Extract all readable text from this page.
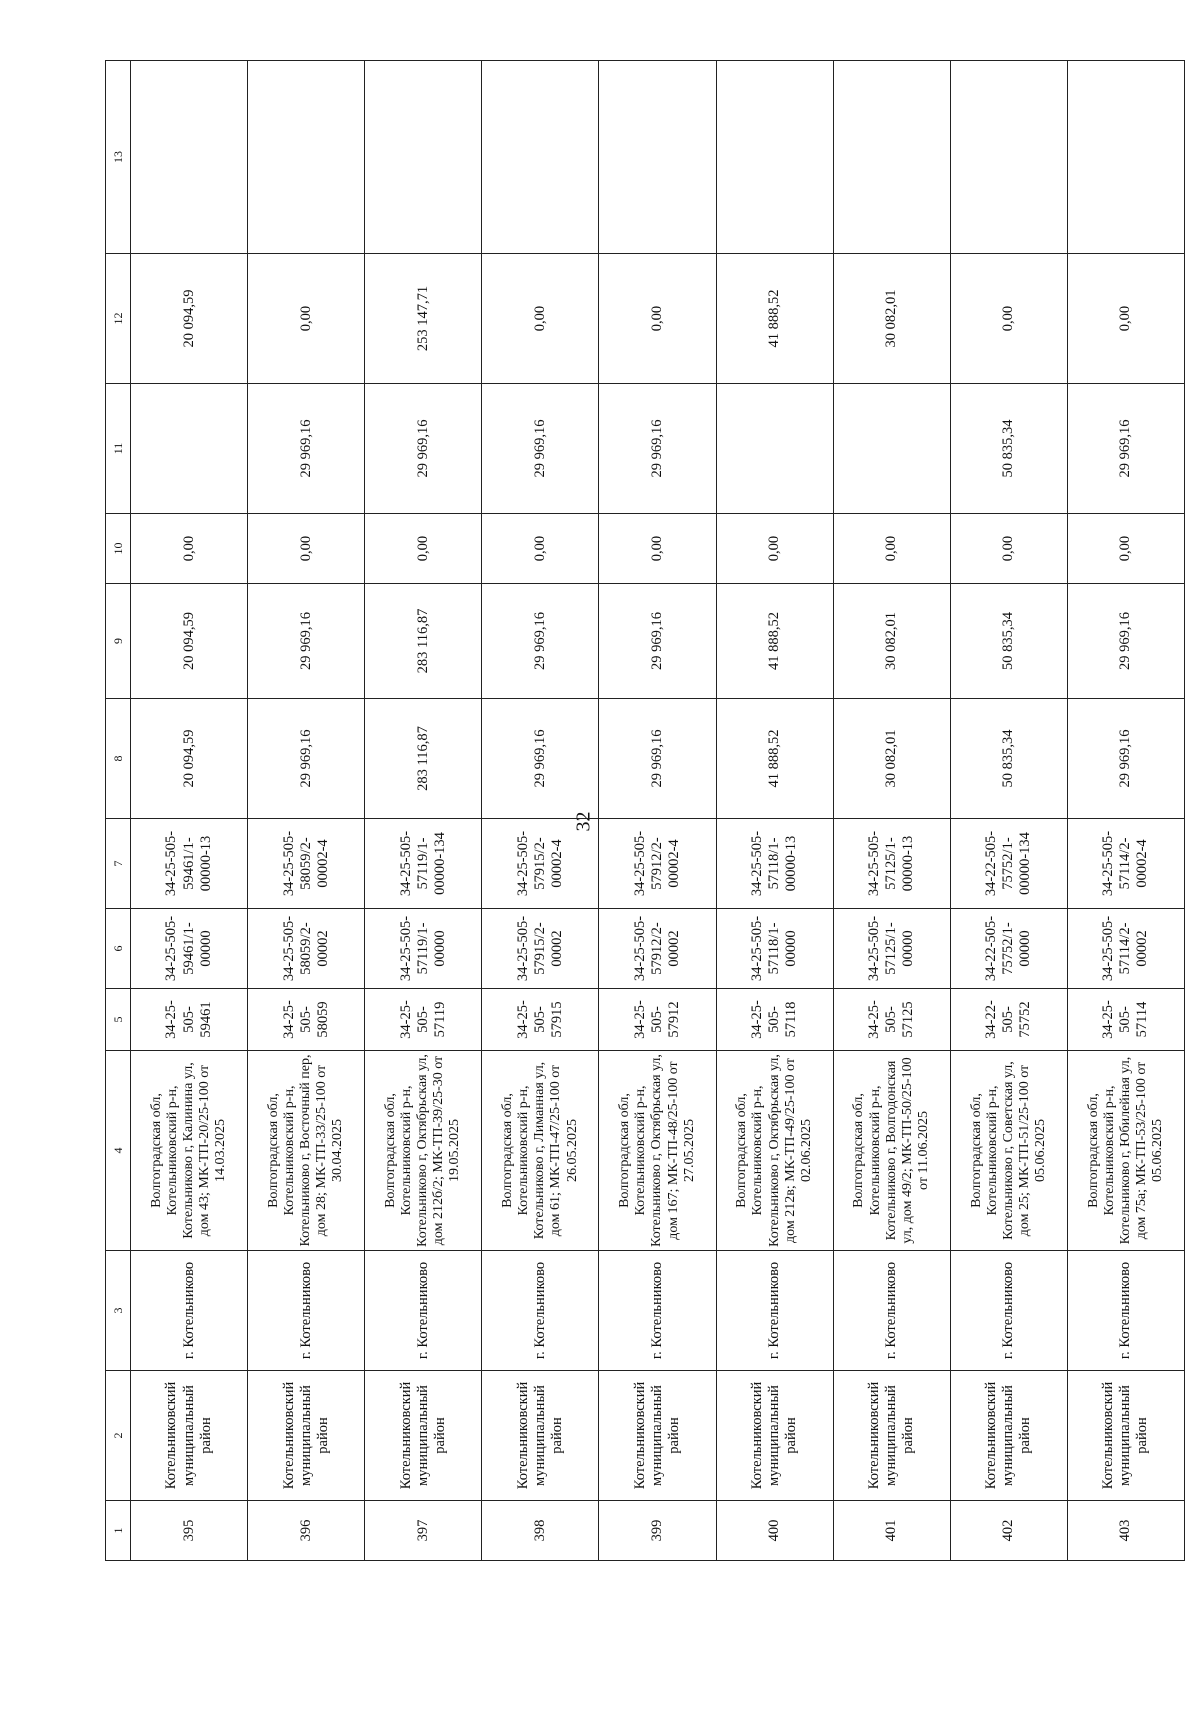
32
1	2	3	4	5	6	7	8	9	10	11	12	13
395	Котельниковский муниципальный район	г. Котельниково	Волгоградская обл, Котельниковский р-н, Котельниково г, Калинина ул, дом 43; МК-ТП-20/25-100 от 14.03.2025	34-25-505-59461	34-25-505-59461/1-00000	34-25-505-59461/1-00000-13	20 094,59	20 094,59	0,00		20 094,59	
396	Котельниковский муниципальный район	г. Котельниково	Волгоградская обл, Котельниковский р-н, Котельниково г, Восточный пер, дом 28; МК-ТП-33/25-100 от 30.04.2025	34-25-505-58059	34-25-505-58059/2-00002	34-25-505-58059/2-00002-4	29 969,16	29 969,16	0,00	29 969,16	0,00	
397	Котельниковский муниципальный район	г. Котельниково	Волгоградская обл, Котельниковский р-н, Котельниково г, Октябрьская ул, дом 212б/2; МК-ТП-39/25-30 от 19.05.2025	34-25-505-57119	34-25-505-57119/1-00000	34-25-505-57119/1-00000-134	283 116,87	283 116,87	0,00	29 969,16	253 147,71	
398	Котельниковский муниципальный район	г. Котельниково	Волгоградская обл, Котельниковский р-н, Котельниково г, Лиманная ул, дом 61; МК-ТП-47/25-100 от 26.05.2025	34-25-505-57915	34-25-505-57915/2-00002	34-25-505-57915/2-00002-4	29 969,16	29 969,16	0,00	29 969,16	0,00	
399	Котельниковский муниципальный район	г. Котельниково	Волгоградская обл, Котельниковский р-н, Котельниково г, Октябрьская ул, дом 167; МК-ТП-48/25-100 от 27.05.2025	34-25-505-57912	34-25-505-57912/2-00002	34-25-505-57912/2-00002-4	29 969,16	29 969,16	0,00	29 969,16	0,00	
400	Котельниковский муниципальный район	г. Котельниково	Волгоградская обл, Котельниковский р-н, Котельниково г, Октябрьская ул, дом 212в; МК-ТП-49/25-100 от 02.06.2025	34-25-505-57118	34-25-505-57118/1-00000	34-25-505-57118/1-00000-13	41 888,52	41 888,52	0,00		41 888,52	
401	Котельниковский муниципальный район	г. Котельниково	Волгоградская обл, Котельниковский р-н, Котельниково г, Волгодонская ул, дом 49/2; МК-ТП-50/25-100 от 11.06.2025	34-25-505-57125	34-25-505-57125/1-00000	34-25-505-57125/1-00000-13	30 082,01	30 082,01	0,00		30 082,01	
402	Котельниковский муниципальный район	г. Котельниково	Волгоградская обл, Котельниковский р-н, Котельниково г, Советская ул, дом 25; МК-ТП-51/25-100 от 05.06.2025	34-22-505-75752	34-22-505-75752/1-00000	34-22-505-75752/1-00000-134	50 835,34	50 835,34	0,00	50 835,34	0,00	
403	Котельниковский муниципальный район	г. Котельниково	Волгоградская обл, Котельниковский р-н, Котельниково г, Юбилейная ул, дом 75а; МК-ТП-53/25-100 от 05.06.2025	34-25-505-57114	34-25-505-57114/2-00002	34-25-505-57114/2-00002-4	29 969,16	29 969,16	0,00	29 969,16	0,00	
